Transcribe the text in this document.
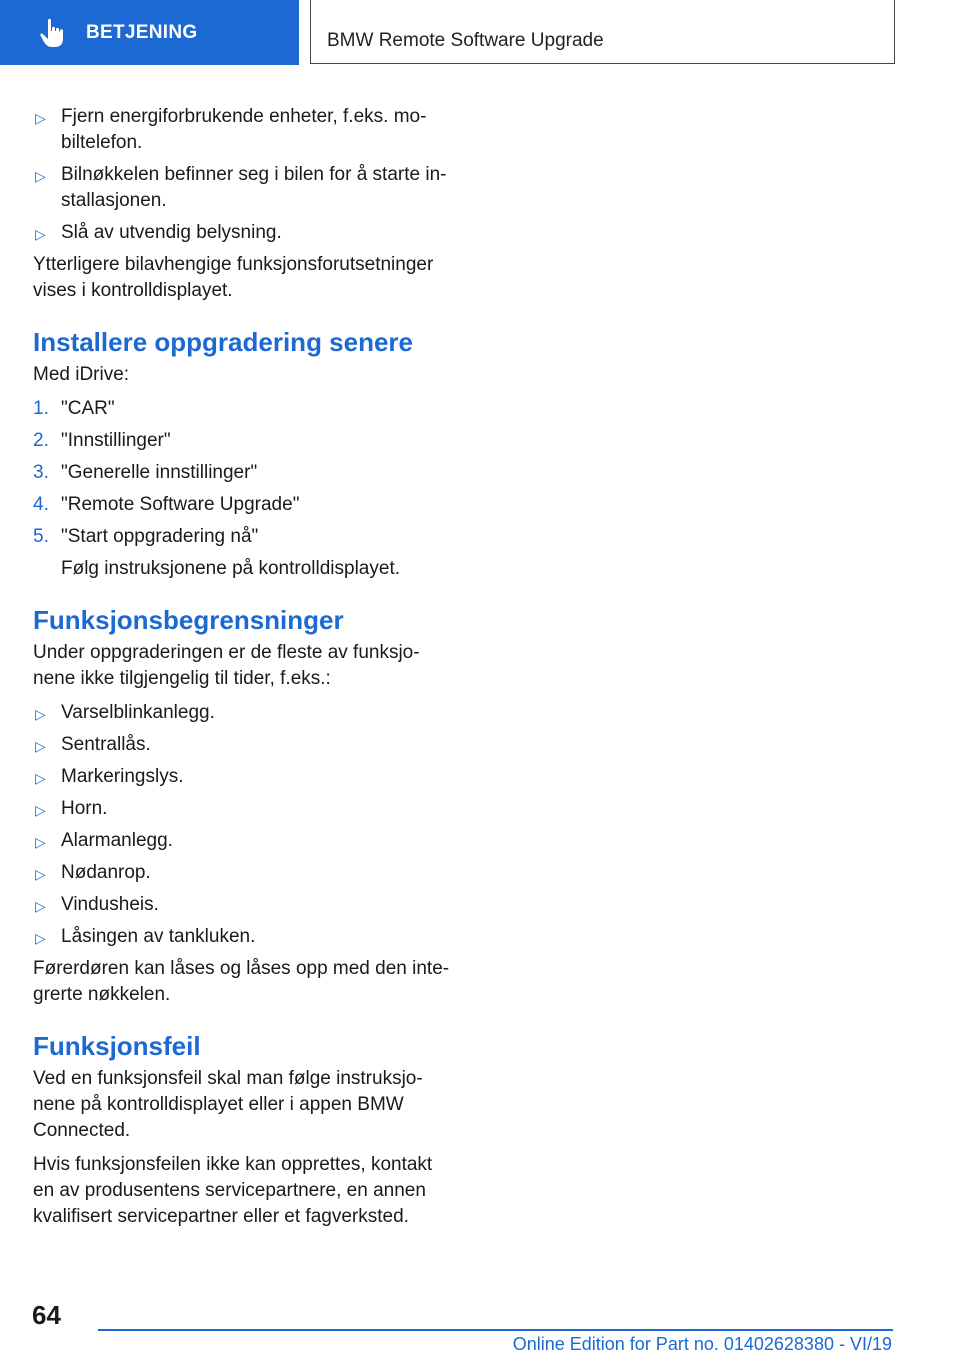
BETJENING	BMW Remote Software Upgrade
▷ Fjern energiforbrukende enheter, f.eks. mo‐biltelefon.
▷ Bilnøkkelen befinner seg i bilen for å starte in‐stallasjonen.
▷ Slå av utvendig belysning.

Ytterligere bilavhengige funksjonsforutsetninger vises i kontrolldisplayet.

Installere oppgradering senere

Med iDrive:

1. "CAR"
2. "Innstillinger"
3. "Generelle innstillinger"
4. "Remote Software Upgrade"
5. "Start oppgradering nå"
Følg instruksjonene på kontrolldisplayet.
Funksjonsbegrensninger

Under oppgraderingen er de fleste av funksjo‐nene ikke tilgjengelig til tider, f.eks.:

▷ Varselblinkanlegg.
▷ Sentrallås.
▷ Markeringslys.
▷ Horn.
▷ Alarmanlegg.
▷ Nødanrop.
▷ Vindusheis.
▷ Låsingen av tankluken.

Førerdøren kan låses og låses opp med den inte‐grerte nøkkelen.

Funksjonsfeil

Ved en funksjonsfeil skal man følge instruksjo‐nene på kontrolldisplayet eller i appen BMW Connected.

Hvis funksjonsfeilen ikke kan opprettes, kontakt en av produsentens servicepartnere, en annen kvalifisert servicepartner eller et fagverksted.

64
Online Edition for Part no. 01402628380 - VI/19
